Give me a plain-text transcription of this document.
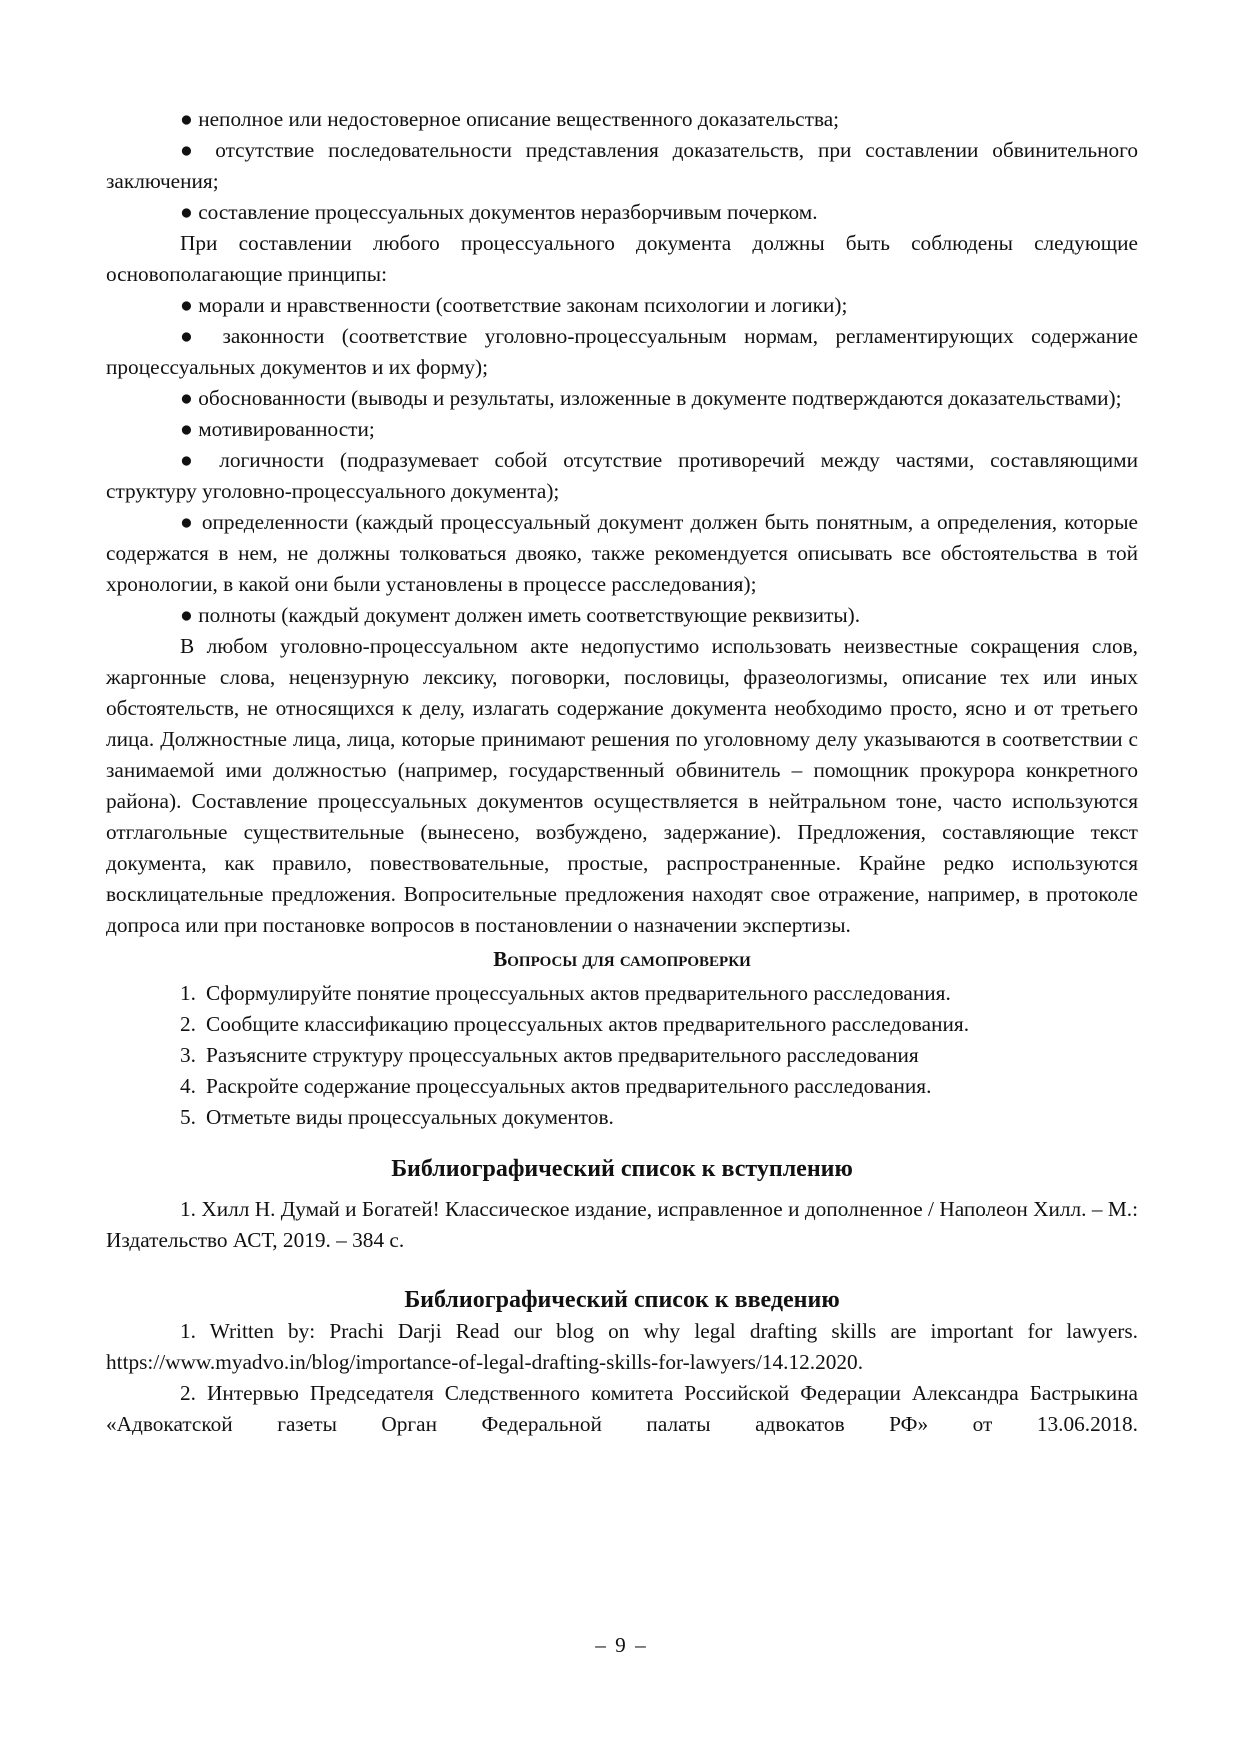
● неполное или недостоверное описание вещественного доказательства;

● отсутствие последовательности представления доказательств, при составлении обвинительного заключения;

● составление процессуальных документов неразборчивым почерком.

При составлении любого процессуального документа должны быть соблюдены следующие основополагающие принципы:

● морали и нравственности (соответствие законам психологии и логики);

● законности (соответствие уголовно-процессуальным нормам, регламентирующих содержание процессуальных документов и их форму);

● обоснованности (выводы и результаты, изложенные в документе подтверждаются доказательствами);

● мотивированности;

● логичности (подразумевает собой отсутствие противоречий между частями, составляющими структуру уголовно-процессуального документа);

● определенности (каждый процессуальный документ должен быть понятным, а определения, которые содержатся в нем, не должны толковаться двояко, также рекомендуется описывать все обстоятельства в той хронологии, в какой они были установлены в процессе расследования);

● полноты (каждый документ должен иметь соответствующие реквизиты).

В любом уголовно-процессуальном акте недопустимо использовать неизвестные сокращения слов, жаргонные слова, нецензурную лексику, поговорки, пословицы, фразеологизмы, описание тех или иных обстоятельств, не относящихся к делу, излагать содержание документа необходимо просто, ясно и от третьего лица. Должностные лица, лица, которые принимают решения по уголовному делу указываются в соответствии с занимаемой ими должностью (например, государственный обвинитель – помощник прокурора конкретного района). Составление процессуальных документов осуществляется в нейтральном тоне, часто используются отглагольные существительные (вынесено, возбуждено, задержание). Предложения, составляющие текст документа, как правило, повествовательные, простые, распространенные. Крайне редко используются восклицательные предложения. Вопросительные предложения находят свое отражение, например, в протоколе допроса или при постановке вопросов в постановлении о назначении экспертизы.

Вопросы для самопроверки
1. Сформулируйте понятие процессуальных актов предварительного расследования.
2. Сообщите классификацию процессуальных актов предварительного расследования.
3. Разъясните структуру процессуальных актов предварительного расследования
4. Раскройте содержание процессуальных актов предварительного расследования.
5. Отметьте виды процессуальных документов.
Библиографический список к вступлению

1. Хилл Н. Думай и Богатей! Классическое издание, исправленное и дополненное / Наполеон Хилл. – М.: Издательство АСТ, 2019. – 384 с.

Библиографический список к введению

1. Written by: Prachi Darji Read our blog on why legal drafting skills are important for lawyers. https://www.myadvo.in/blog/importance-of-legal-drafting-skills-for-lawyers/14.12.2020.

2. Интервью Председателя Следственного комитета Российской Федерации Александра Бастрыкина «Адвокатской газеты Орган Федеральной палаты адвокатов РФ» от 13.06.2018.

– 9 –
